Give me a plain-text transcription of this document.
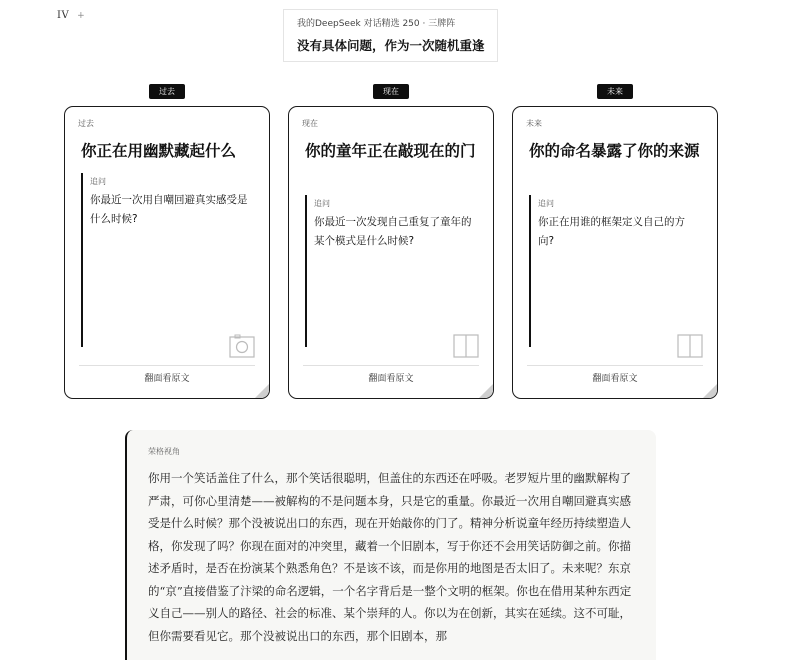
IV +
我的DeepSeek 对话精选 250 · 三牌阵
没有具体问题，作为一次随机重逢
过去
过去
你正在用幽默藏起什么
追问
你最近一次用自嘲回避真实感受是什么时候?
翻面看原文
现在
现在
你的童年正在敲现在的门
追问
你最近一次发现自己重复了童年的某个模式是什么时候?
翻面看原文
未来
未来
你的命名暴露了你的来源
追问
你正在用谁的框架定义自己的方向?
翻面看原文
荣格视角
你用一个笑话盖住了什么，那个笑话很聪明，但盖住的东西还在呼吸。老罗短片里的幽默解构了严肃，可你心里清楚——被解构的不是问题本身，只是它的重量。你最近一次用自嘲回避真实感受是什么时候？那个没被说出口的东西，现在开始敲你的门了。精神分析说童年经历持续塑造人格，你发现了吗？你现在面对的冲突里，藏着一个旧剧本，写于你还不会用笑话防御之前。你描述矛盾时，是否在扮演某个熟悉角色？不是该不该，而是你用的地图是否太旧了。未来呢？东京的“京”直接借鉴了汴梁的命名逻辑，一个名字背后是一整个文明的框架。你也在借用某种东西定义自己——别人的路径、社会的标准、某个崇拜的人。你以为在创新，其实在延续。这不可耻，但你需要看见它。那个没被说出口的东西，那个旧剧本，那
